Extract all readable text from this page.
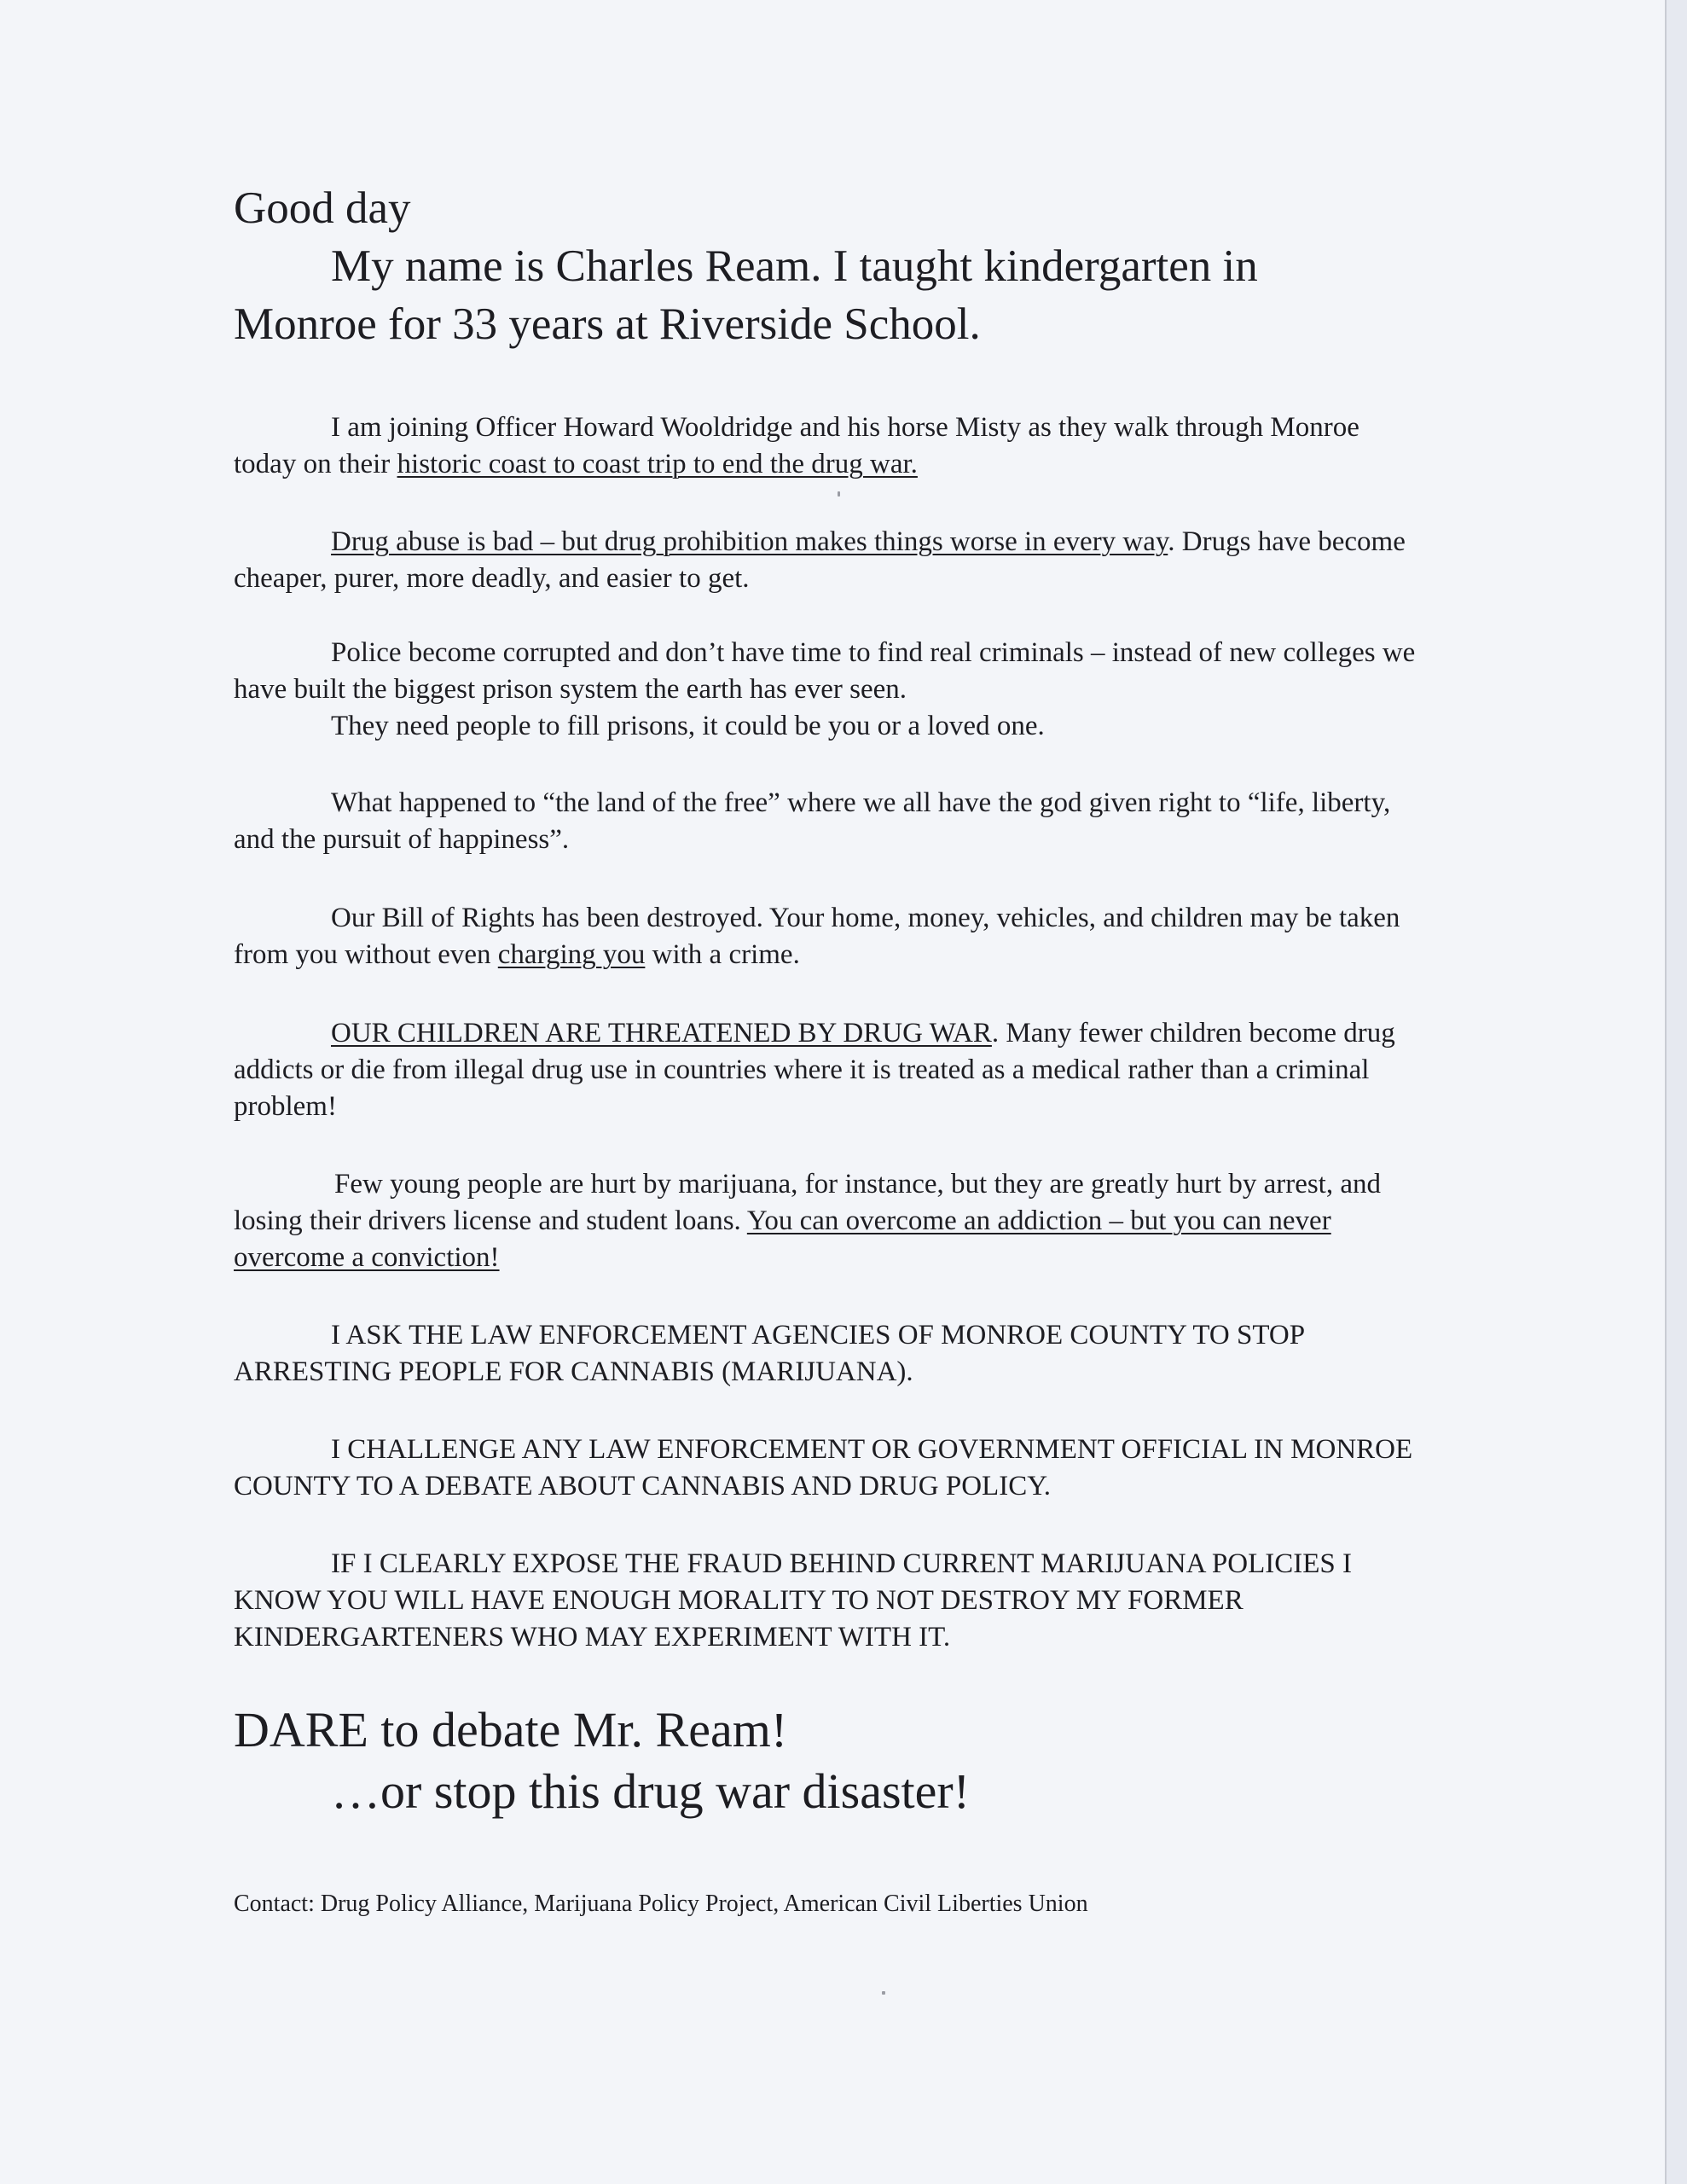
Good day

My name is Charles Ream. I taught kindergarten in
Monroe for 33 years at Riverside School.

I am joining Officer Howard Wooldridge and his horse Misty as they walk through Monroe today on their historic coast to coast trip to end the drug war.

Drug abuse is bad – but drug prohibition makes things worse in every way. Drugs have become cheaper, purer, more deadly, and easier to get.

Police become corrupted and don’t have time to find real criminals – instead of new colleges we have built the biggest prison system the earth has ever seen.
They need people to fill prisons, it could be you or a loved one.

What happened to “the land of the free” where we all have the god given right to “life, liberty, and the pursuit of happiness”.

Our Bill of Rights has been destroyed. Your home, money, vehicles, and children may be taken from you without even charging you with a crime.

OUR CHILDREN ARE THREATENED BY DRUG WAR. Many fewer children become drug addicts or die from illegal drug use in countries where it is treated as a medical rather than a criminal problem!

Few young people are hurt by marijuana, for instance, but they are greatly hurt by arrest, and losing their drivers license and student loans. You can overcome an addiction – but you can never overcome a conviction!

I ASK THE LAW ENFORCEMENT AGENCIES OF MONROE COUNTY TO STOP ARRESTING PEOPLE FOR CANNABIS (MARIJUANA).

I CHALLENGE ANY LAW ENFORCEMENT OR GOVERNMENT OFFICIAL IN MONROE COUNTY TO A DEBATE ABOUT CANNABIS AND DRUG POLICY.

IF I CLEARLY EXPOSE THE FRAUD BEHIND CURRENT MARIJUANA POLICIES I KNOW YOU WILL HAVE ENOUGH MORALITY TO NOT DESTROY MY FORMER KINDERGARTENERS WHO MAY EXPERIMENT WITH IT.

DARE to debate Mr. Ream!
…or stop this drug war disaster!

Contact: Drug Policy Alliance, Marijuana Policy Project, American Civil Liberties Union
